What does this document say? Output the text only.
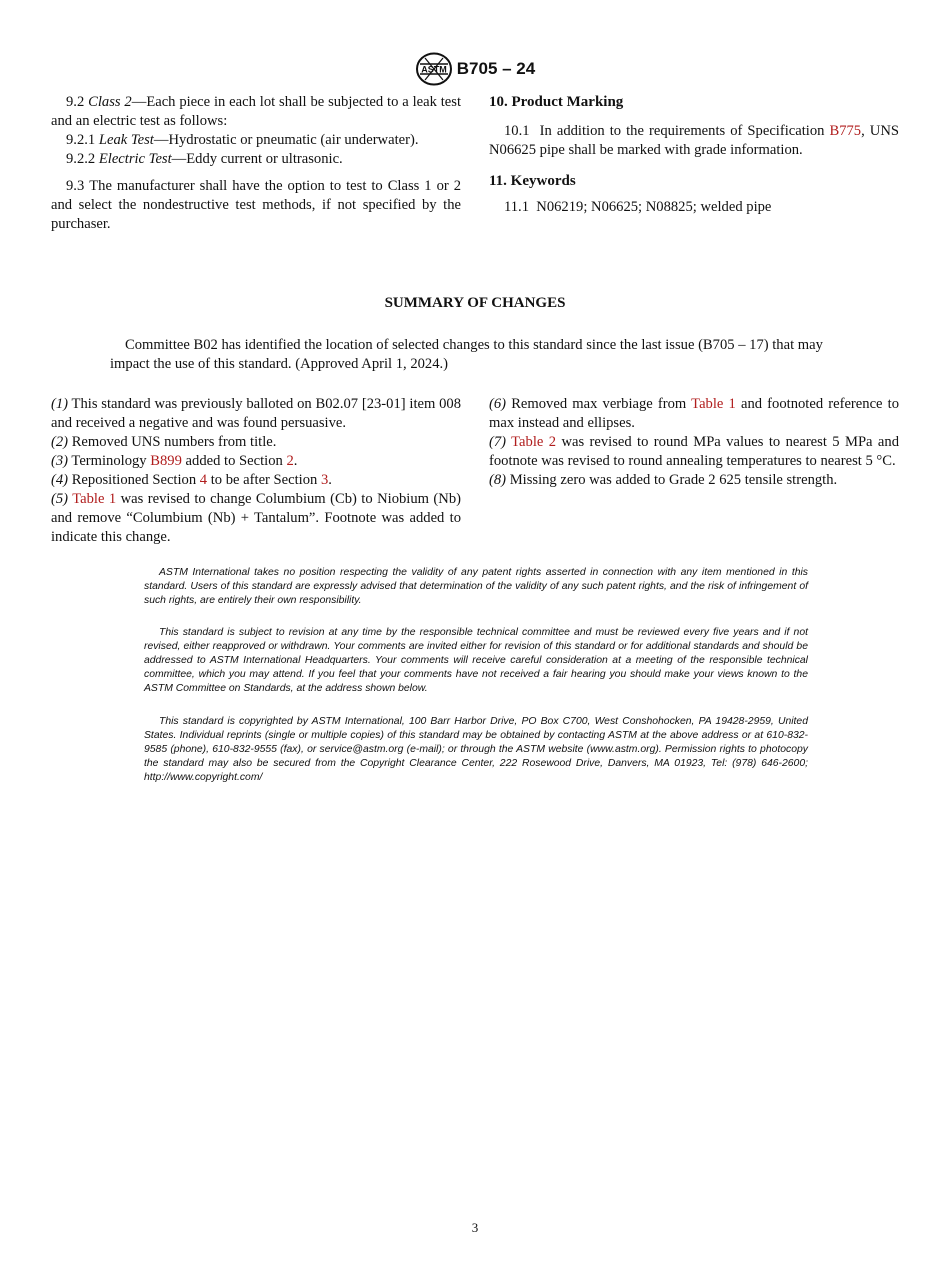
ASTM B705 – 24

9.2 Class 2—Each piece in each lot shall be subjected to a leak test and an electric test as follows:

9.2.1 Leak Test—Hydrostatic or pneumatic (air underwater).

9.2.2 Electric Test—Eddy current or ultrasonic.

9.3 The manufacturer shall have the option to test to Class 1 or 2 and select the nondestructive test methods, if not specified by the purchaser.

10. Product Marking

10.1 In addition to the requirements of Specification B775, UNS N06625 pipe shall be marked with grade information.

11. Keywords

11.1 N06219; N06625; N08825; welded pipe

SUMMARY OF CHANGES

Committee B02 has identified the location of selected changes to this standard since the last issue (B705 – 17) that may impact the use of this standard. (Approved April 1, 2024.)

(1) This standard was previously balloted on B02.07 [23-01] item 008 and received a negative and was found persuasive.

(2) Removed UNS numbers from title.

(3) Terminology B899 added to Section 2.

(4) Repositioned Section 4 to be after Section 3.

(5) Table 1 was revised to change Columbium (Cb) to Niobium (Nb) and remove “Columbium (Nb) + Tantalum”. Footnote was added to indicate this change.

(6) Removed max verbiage from Table 1 and footnoted reference to max instead and ellipses.

(7) Table 2 was revised to round MPa values to nearest 5 MPa and footnote was revised to round annealing temperatures to nearest 5 °C.

(8) Missing zero was added to Grade 2 625 tensile strength.

ASTM International takes no position respecting the validity of any patent rights asserted in connection with any item mentioned in this standard. Users of this standard are expressly advised that determination of the validity of any such patent rights, and the risk of infringement of such rights, are entirely their own responsibility.

This standard is subject to revision at any time by the responsible technical committee and must be reviewed every five years and if not revised, either reapproved or withdrawn. Your comments are invited either for revision of this standard or for additional standards and should be addressed to ASTM International Headquarters. Your comments will receive careful consideration at a meeting of the responsible technical committee, which you may attend. If you feel that your comments have not received a fair hearing you should make your views known to the ASTM Committee on Standards, at the address shown below.

This standard is copyrighted by ASTM International, 100 Barr Harbor Drive, PO Box C700, West Conshohocken, PA 19428-2959, United States. Individual reprints (single or multiple copies) of this standard may be obtained by contacting ASTM at the above address or at 610-832-9585 (phone), 610-832-9555 (fax), or service@astm.org (e-mail); or through the ASTM website (www.astm.org). Permission rights to photocopy the standard may also be secured from the Copyright Clearance Center, 222 Rosewood Drive, Danvers, MA 01923, Tel: (978) 646-2600; http://www.copyright.com/

3
